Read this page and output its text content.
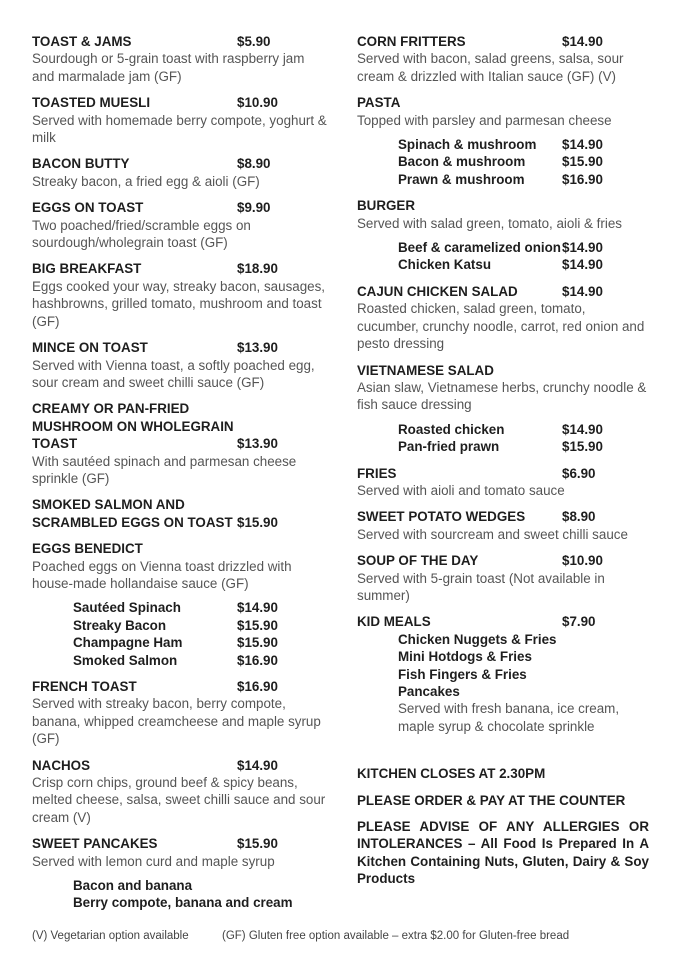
TOAST & JAMS	$5.90
Sourdough or 5-grain toast with raspberry jam and marmalade jam (GF)
TOASTED MUESLI	$10.90
Served with homemade berry compote, yoghurt & milk
BACON BUTTY	$8.90
Streaky bacon, a fried egg & aioli (GF)
EGGS ON TOAST	$9.90
Two poached/fried/scramble eggs on sourdough/wholegrain toast (GF)
BIG BREAKFAST	$18.90
Eggs cooked your way, streaky bacon, sausages, hashbrowns, grilled tomato, mushroom and toast (GF)
MINCE ON TOAST	$13.90
Served with Vienna toast, a softly poached egg, sour cream and sweet chilli sauce (GF)
CREAMY OR PAN-FRIED MUSHROOM ON WHOLEGRAIN TOAST	$13.90
With sautéed spinach and parmesan cheese sprinkle (GF)
SMOKED SALMON AND SCRAMBLED EGGS ON TOAST $15.90
EGGS BENEDICT
Poached eggs on Vienna toast drizzled with house-made hollandaise sauce (GF)
Sautéed Spinach	$14.90
Streaky Bacon	$15.90
Champagne Ham	$15.90
Smoked Salmon	$16.90
FRENCH TOAST	$16.90
Served with streaky bacon, berry compote, banana, whipped creamcheese and maple syrup (GF)
NACHOS	$14.90
Crisp corn chips, ground beef & spicy beans, melted cheese, salsa, sweet chilli sauce and sour cream (V)
SWEET PANCAKES	$15.90
Served with lemon curd and maple syrup
Bacon and banana
Berry compote, banana and cream
CORN FRITTERS	$14.90
Served with bacon, salad greens, salsa, sour cream & drizzled with Italian sauce (GF) (V)
PASTA
Topped with parsley and parmesan cheese
Spinach & mushroom $14.90
Bacon & mushroom	$15.90
Prawn & mushroom	$16.90
BURGER
Served with salad green, tomato, aioli & fries
Beef & caramelized onion $14.90
Chicken Katsu	$14.90
CAJUN CHICKEN SALAD	$14.90
Roasted chicken, salad green, tomato, cucumber, crunchy noodle, carrot, red onion and pesto dressing
VIETNAMESE SALAD
Asian slaw, Vietnamese herbs, crunchy noodle & fish sauce dressing
Roasted chicken	$14.90
Pan-fried prawn	$15.90
FRIES	$6.90
Served with aioli and tomato sauce
SWEET POTATO WEDGES	$8.90
Served with sourcream and sweet chilli sauce
SOUP OF THE DAY	$10.90
Served with 5-grain toast (Not available in summer)
KID MEALS	$7.90
Chicken Nuggets & Fries
Mini Hotdogs & Fries
Fish Fingers & Fries
Pancakes
Served with fresh banana, ice cream, maple syrup & chocolate sprinkle
KITCHEN CLOSES AT 2.30PM
PLEASE ORDER & PAY AT THE COUNTER
PLEASE ADVISE OF ANY ALLERGIES OR INTOLERANCES – All Food Is Prepared In A Kitchen Containing Nuts, Gluten, Dairy & Soy Products
(V) Vegetarian option available	(GF) Gluten free option available – extra $2.00 for Gluten-free bread
